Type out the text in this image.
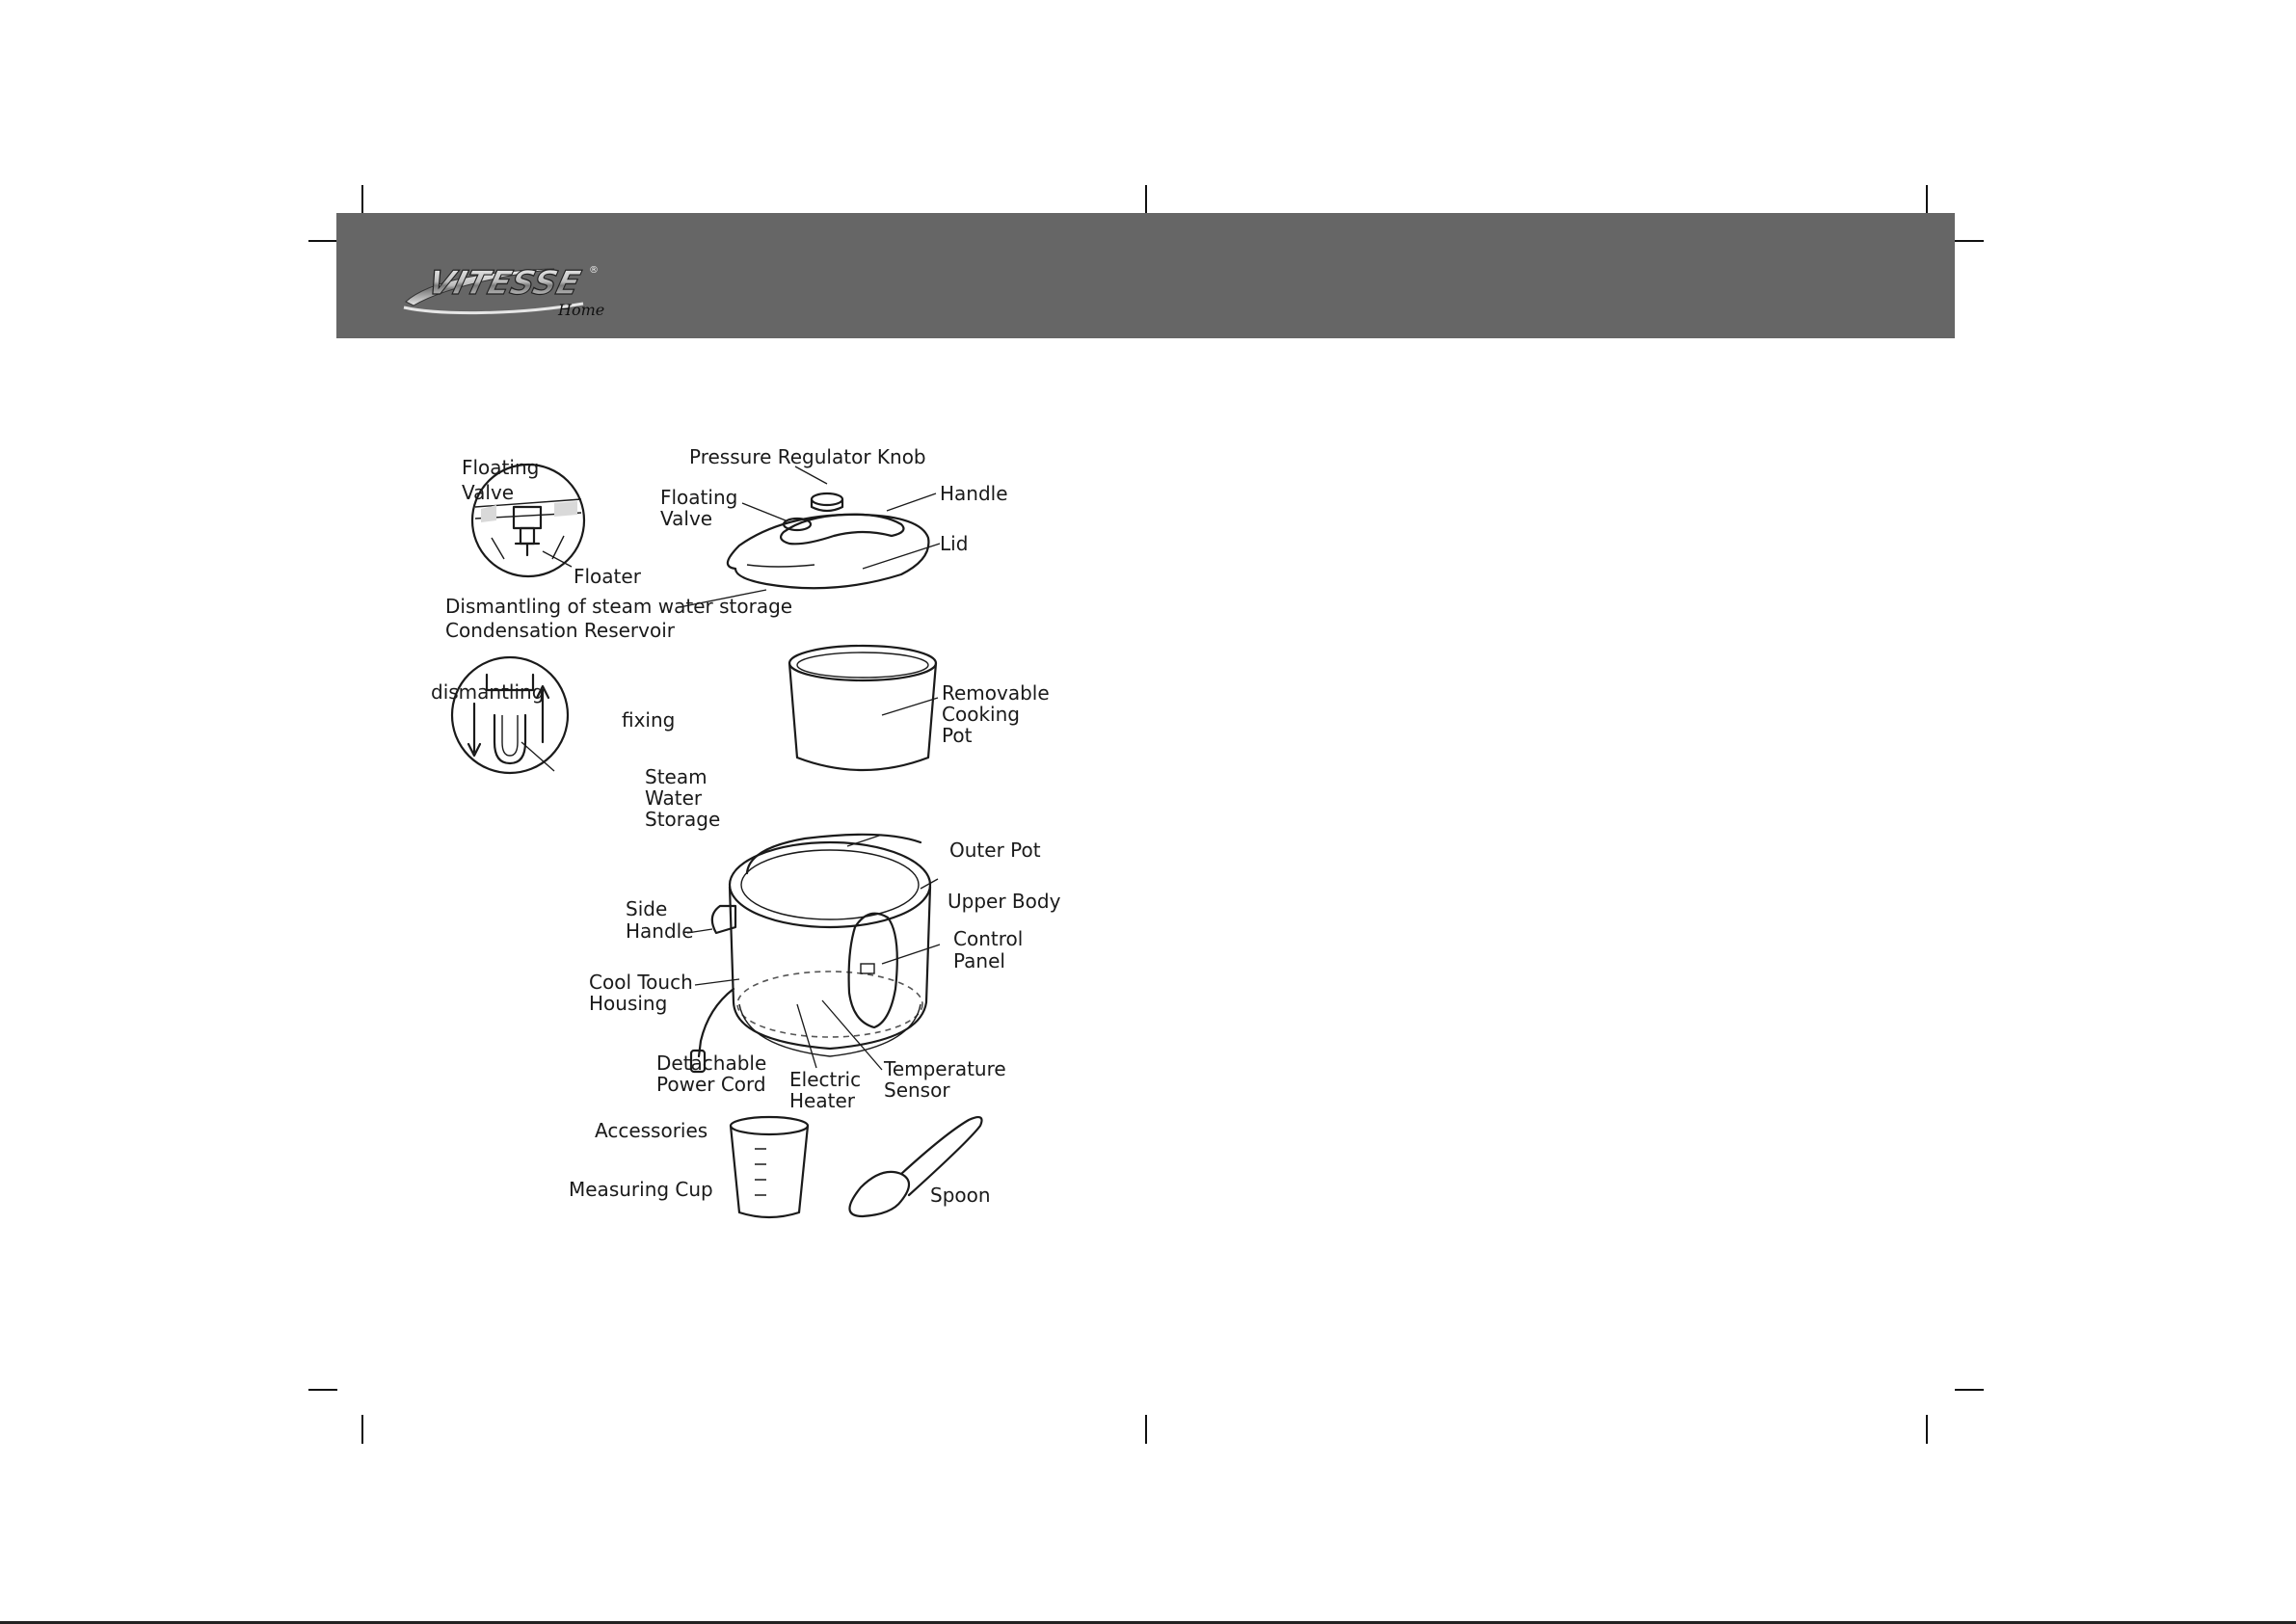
VITESSE ®
Home
Floating
Valve
Pressure Regulator Knob
Floating
Valve
Handle
Lid
Floater
Dismantling of steam water storage
Condensation Reservoir
dismantling
fixing
Steam
Water
Storage
Removable
Cooking
Pot
Outer Pot
Upper Body
Control
Panel
Side
Handle
Cool Touch
Housing
Detachable
Power Cord Electric
Heater
Temperature
Sensor
Accessories
Measuring Cup	Spoon
